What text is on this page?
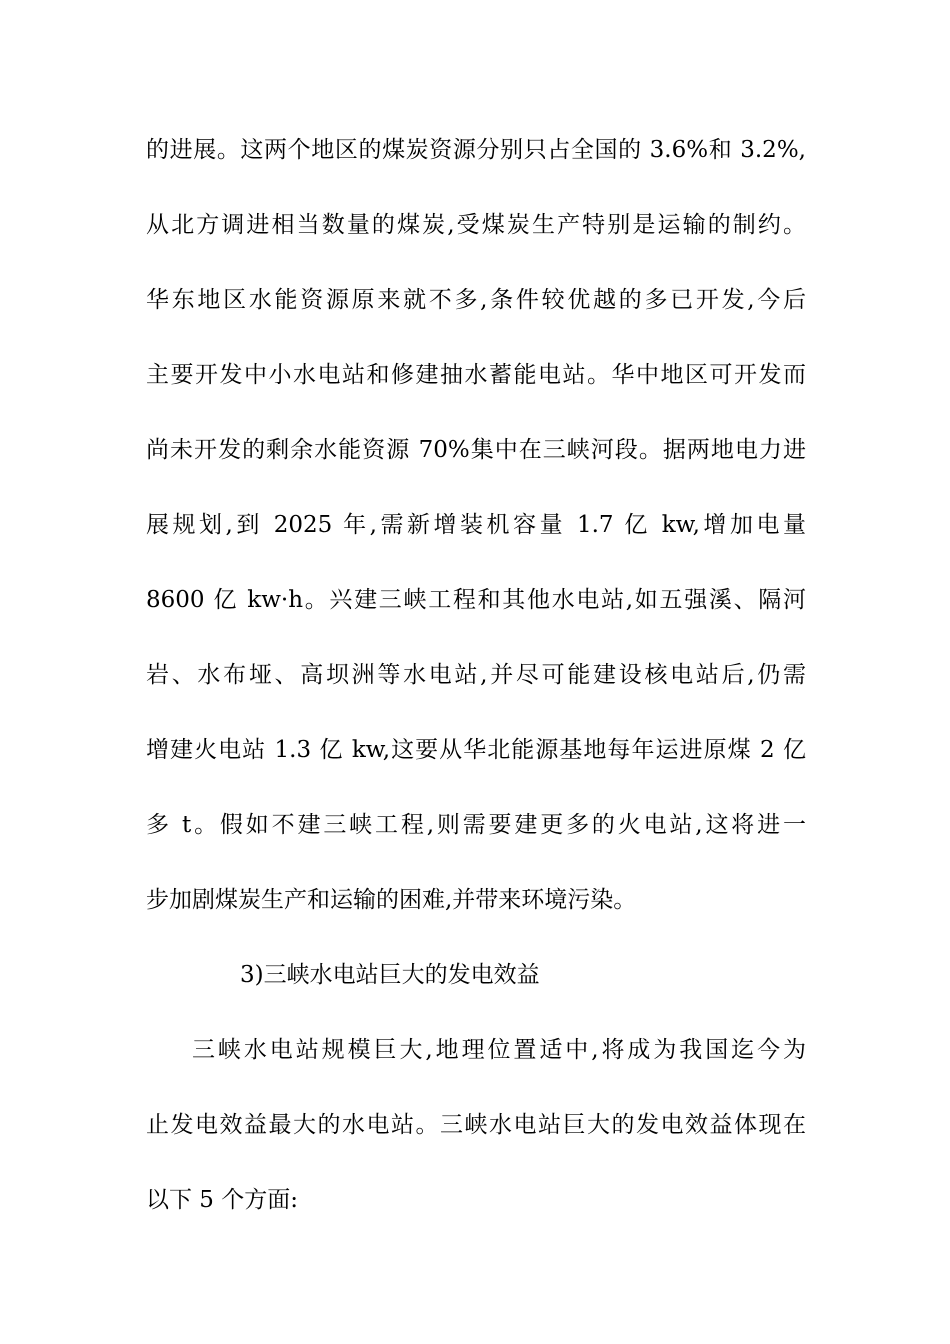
的进展。这两个地区的煤炭资源分别只占全国的 3.6%和 3.2%,
从北方调进相当数量的煤炭,受煤炭生产特别是运输的制约。
华东地区水能资源原来就不多,条件较优越的多已开发,今后
主要开发中小水电站和修建抽水蓄能电站。华中地区可开发而
尚未开发的剩余水能资源 70%集中在三峡河段。据两地电力进
展规划,到 2025 年,需新增装机容量 1.7 亿 kw,增加电量
8600 亿 kw·h。兴建三峡工程和其他水电站,如五强溪、隔河
岩、水布垭、高坝洲等水电站,并尽可能建设核电站后,仍需
增建火电站 1.3 亿 kw,这要从华北能源基地每年运进原煤 2 亿
多 t。假如不建三峡工程,则需要建更多的火电站,这将进一
步加剧煤炭生产和运输的困难,并带来环境污染。
3)三峡水电站巨大的发电效益
三峡水电站规模巨大,地理位置适中,将成为我国迄今为
止发电效益最大的水电站。三峡水电站巨大的发电效益体现在
以下 5 个方面:
